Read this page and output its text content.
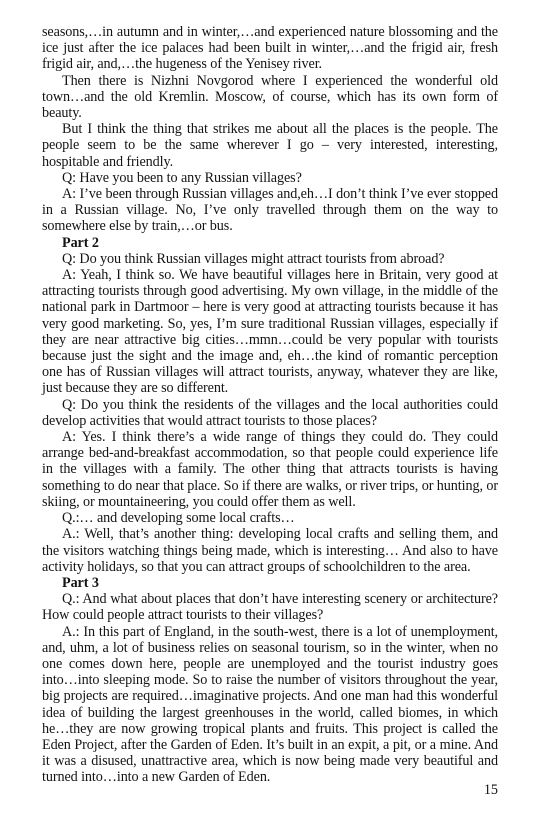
seasons,…in autumn and in winter,…and experienced nature blossoming and the ice just after the ice palaces had been built in winter,…and the frigid air, fresh frigid air, and,…the hugeness of the Yenisey river.

Then there is Nizhni Novgorod where I experienced the wonderful old town…and the old Kremlin. Moscow, of course, which has its own form of beauty.

But I think the thing that strikes me about all the places is the people. The people seem to be the same wherever I go – very interested, interesting, hospitable and friendly.

Q: Have you been to any Russian villages?

A: I’ve been through Russian villages and,eh…I don’t think I’ve ever stopped in a Russian village. No, I’ve only travelled through them on the way to somewhere else by train,…or bus.

Part 2

Q: Do you think Russian villages might attract tourists from abroad?

A: Yeah, I think so. We have beautiful villages here in Britain, very good at attracting tourists through good advertising. My own village, in the middle of the national park in Dartmoor – here is very good at attracting tourists because it has very good marketing. So, yes, I’m sure traditional Russian villages, especially if they are near attractive big cities…mmn…could be very popular with tourists because just the sight and the image and, eh…the kind of romantic perception one has of Russian villages will attract tourists, anyway, whatever they are like, just because they are so different.

Q: Do you think the residents of the villages and the local authorities could develop activities that would attract tourists to those places?

A: Yes. I think there’s a wide range of things they could do. They could arrange bed-and-breakfast accommodation, so that people could experience life in the villages with a family. The other thing that attracts tourists is having something to do near that place. So if there are walks, or river trips, or hunting, or skiing, or mountaineering, you could offer them as well.

Q.:… and developing some local crafts…

A.: Well, that’s another thing: developing local crafts and selling them, and the visitors watching things being made, which is interesting… And also to have activity holidays, so that you can attract groups of schoolchildren to the area.

Part 3

Q.: And what about places that don’t have interesting scenery or architecture? How could people attract tourists to their villages?

A.: In this part of England, in the south-west, there is a lot of unemployment, and, uhm, a lot of business relies on seasonal tourism, so in the winter, when no one comes down here, people are unemployed and the tourist industry goes into…into sleeping mode. So to raise the number of visitors throughout the year, big projects are required…imaginative projects. And one man had this wonderful idea of building the largest greenhouses in the world, called biomes, in which he…they are now growing tropical plants and fruits. This project is called the Eden Project, after the Garden of Eden. It’s built in an expit, a pit, or a mine. And it was a disused, unattractive area, which is now being made very beautiful and turned into…into a new Garden of Eden.

15
